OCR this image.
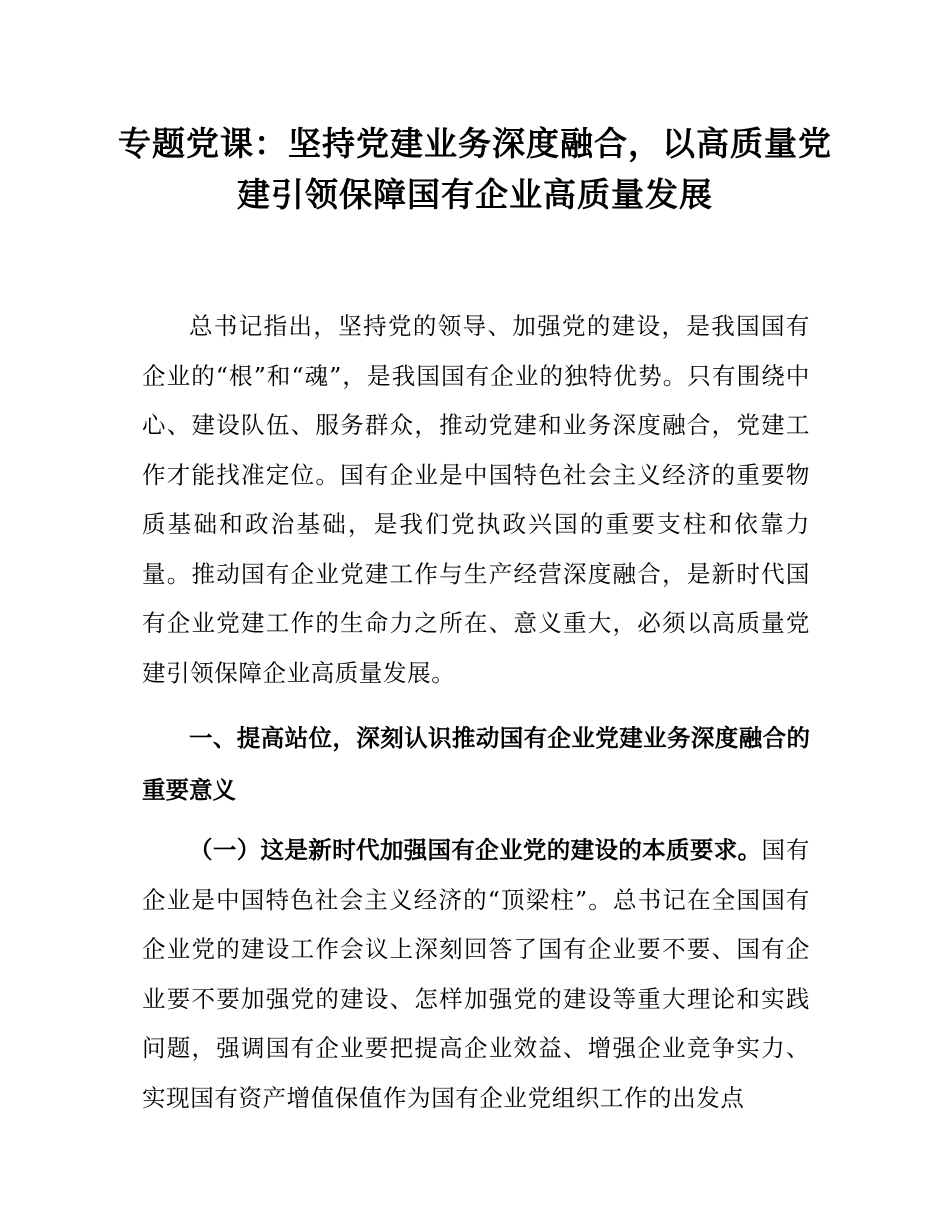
专题党课：坚持党建业务深度融合，以高质量党建引领保障国有企业高质量发展

总书记指出，坚持党的领导、加强党的建设，是我国国有企业的“根”和“魂”，是我国国有企业的独特优势。只有围绕中心、建设队伍、服务群众，推动党建和业务深度融合，党建工作才能找准定位。国有企业是中国特色社会主义经济的重要物质基础和政治基础，是我们党执政兴国的重要支柱和依靠力量。推动国有企业党建工作与生产经营深度融合，是新时代国有企业党建工作的生命力之所在、意义重大，必须以高质量党建引领保障企业高质量发展。

一、提高站位，深刻认识推动国有企业党建业务深度融合的重要意义

（一）这是新时代加强国有企业党的建设的本质要求。国有企业是中国特色社会主义经济的“顶梁柱”。总书记在全国国有企业党的建设工作会议上深刻回答了国有企业要不要、国有企业要不要加强党的建设、怎样加强党的建设等重大理论和实践问题，强调国有企业要把提高企业效益、增强企业竞争实力、实现国有资产增值保值作为国有企业党组织工作的出发点
